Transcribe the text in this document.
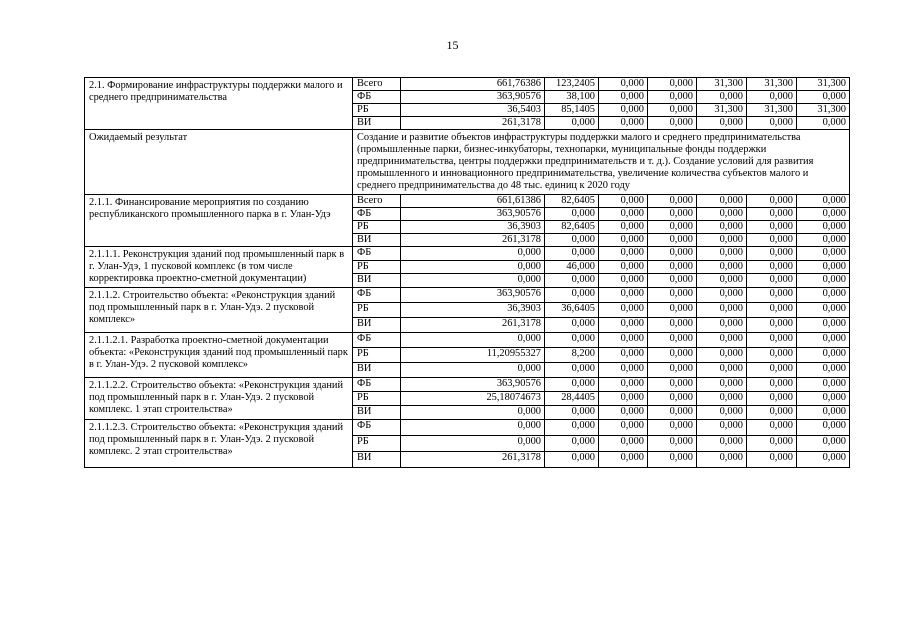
15
2.1. Формирование инфраструктуры поддержки малого и среднего предпринимательства	Всего	661,76386	123,2405	0,000	0,000	31,300	31,300	31,300
	ФБ	363,90576	38,100	0,000	0,000	0,000	0,000	0,000
	РБ	36,5403	85,1405	0,000	0,000	31,300	31,300	31,300
	ВИ	261,3178	0,000	0,000	0,000	0,000	0,000	0,000
Ожидаемый результат	Создание и развитие объектов инфраструктуры поддержки малого и среднего предпринимательства (промышленные парки, бизнес-инкубаторы, технопарки, муниципальные фонды поддержки предпринимательства, центры поддержки предпринимательств и т. д.). Создание условий для развития промышленного и инновационного предпринимательства, увеличение количества субъектов малого и среднего предпринимательства до 48 тыс. единиц к 2020 году							
2.1.1. Финансирование мероприятия по созданию республиканского промышленного парка в г. Улан-Удэ	Всего	661,61386	82,6405	0,000	0,000	0,000	0,000	0,000
	ФБ	363,90576	0,000	0,000	0,000	0,000	0,000	0,000
	РБ	36,3903	82,6405	0,000	0,000	0,000	0,000	0,000
	ВИ	261,3178	0,000	0,000	0,000	0,000	0,000	0,000
2.1.1.1. Реконструкция зданий под промышленный парк в г. Улан-Удэ, 1 пусковой комплекс (в том числе корректировка проектно-сметной документации)	ФБ	0,000	0,000	0,000	0,000	0,000	0,000	0,000
	РБ	0,000	46,000	0,000	0,000	0,000	0,000	0,000
	ВИ	0,000	0,000	0,000	0,000	0,000	0,000	0,000
2.1.1.2. Строительство объекта: «Реконструкция зданий под промышленный парк в г. Улан-Удэ. 2 пусковой комплекс»	ФБ	363,90576	0,000	0,000	0,000	0,000	0,000	0,000
	РБ	36,3903	36,6405	0,000	0,000	0,000	0,000	0,000
	ВИ	261,3178	0,000	0,000	0,000	0,000	0,000	0,000
2.1.1.2.1. Разработка проектно-сметной документации объекта: «Реконструкция зданий под промышленный парк в г. Улан-Удэ. 2 пусковой комплекс»	ФБ	0,000	0,000	0,000	0,000	0,000	0,000	0,000
	РБ	11,20955327	8,200	0,000	0,000	0,000	0,000	0,000
	ВИ	0,000	0,000	0,000	0,000	0,000	0,000	0,000
2.1.1.2.2. Строительство объекта: «Реконструкция зданий под промышленный парк в г. Улан-Удэ. 2 пусковой комплекс. 1 этап строительства»	ФБ	363,90576	0,000	0,000	0,000	0,000	0,000	0,000
	РБ	25,18074673	28,4405	0,000	0,000	0,000	0,000	0,000
	ВИ	0,000	0,000	0,000	0,000	0,000	0,000	0,000
2.1.1.2.3. Строительство объекта: «Реконструкция зданий под промышленный парк в г. Улан-Удэ. 2 пусковой комплекс. 2 этап строительства»	ФБ	0,000	0,000	0,000	0,000	0,000	0,000	0,000
	РБ	0,000	0,000	0,000	0,000	0,000	0,000	0,000
	ВИ	261,3178	0,000	0,000	0,000	0,000	0,000	0,000
